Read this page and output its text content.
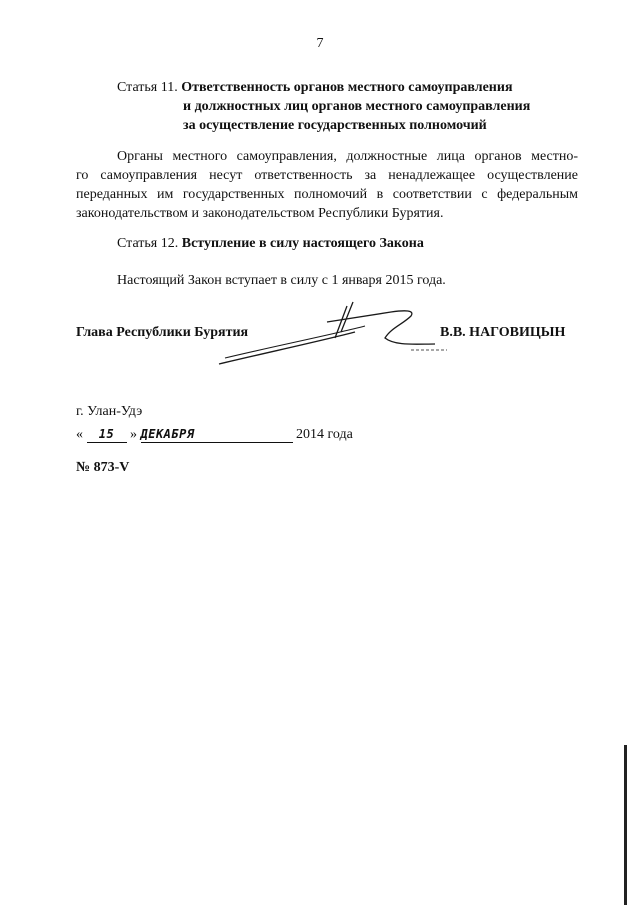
7
Статья 11. Ответственность органов местного самоуправления
и должностных лиц органов местного самоуправления
за осуществление государственных полномочий
Органы местного самоуправления, должностные лица органов местно-
го самоуправления несут ответственность за ненадлежащее осуществление
переданных им государственных полномочий в соответствии с федеральным
законодательством и законодательством Республики Бурятия.
Статья 12. Вступление в силу настоящего Закона
Настоящий Закон вступает в силу с 1 января 2015 года.
Глава Республики Бурятия	В.В. НАГОВИЦЫН
г. Улан-Удэ
« 15 » ДЕКАБРЯ	2014 года
№ 873-V
